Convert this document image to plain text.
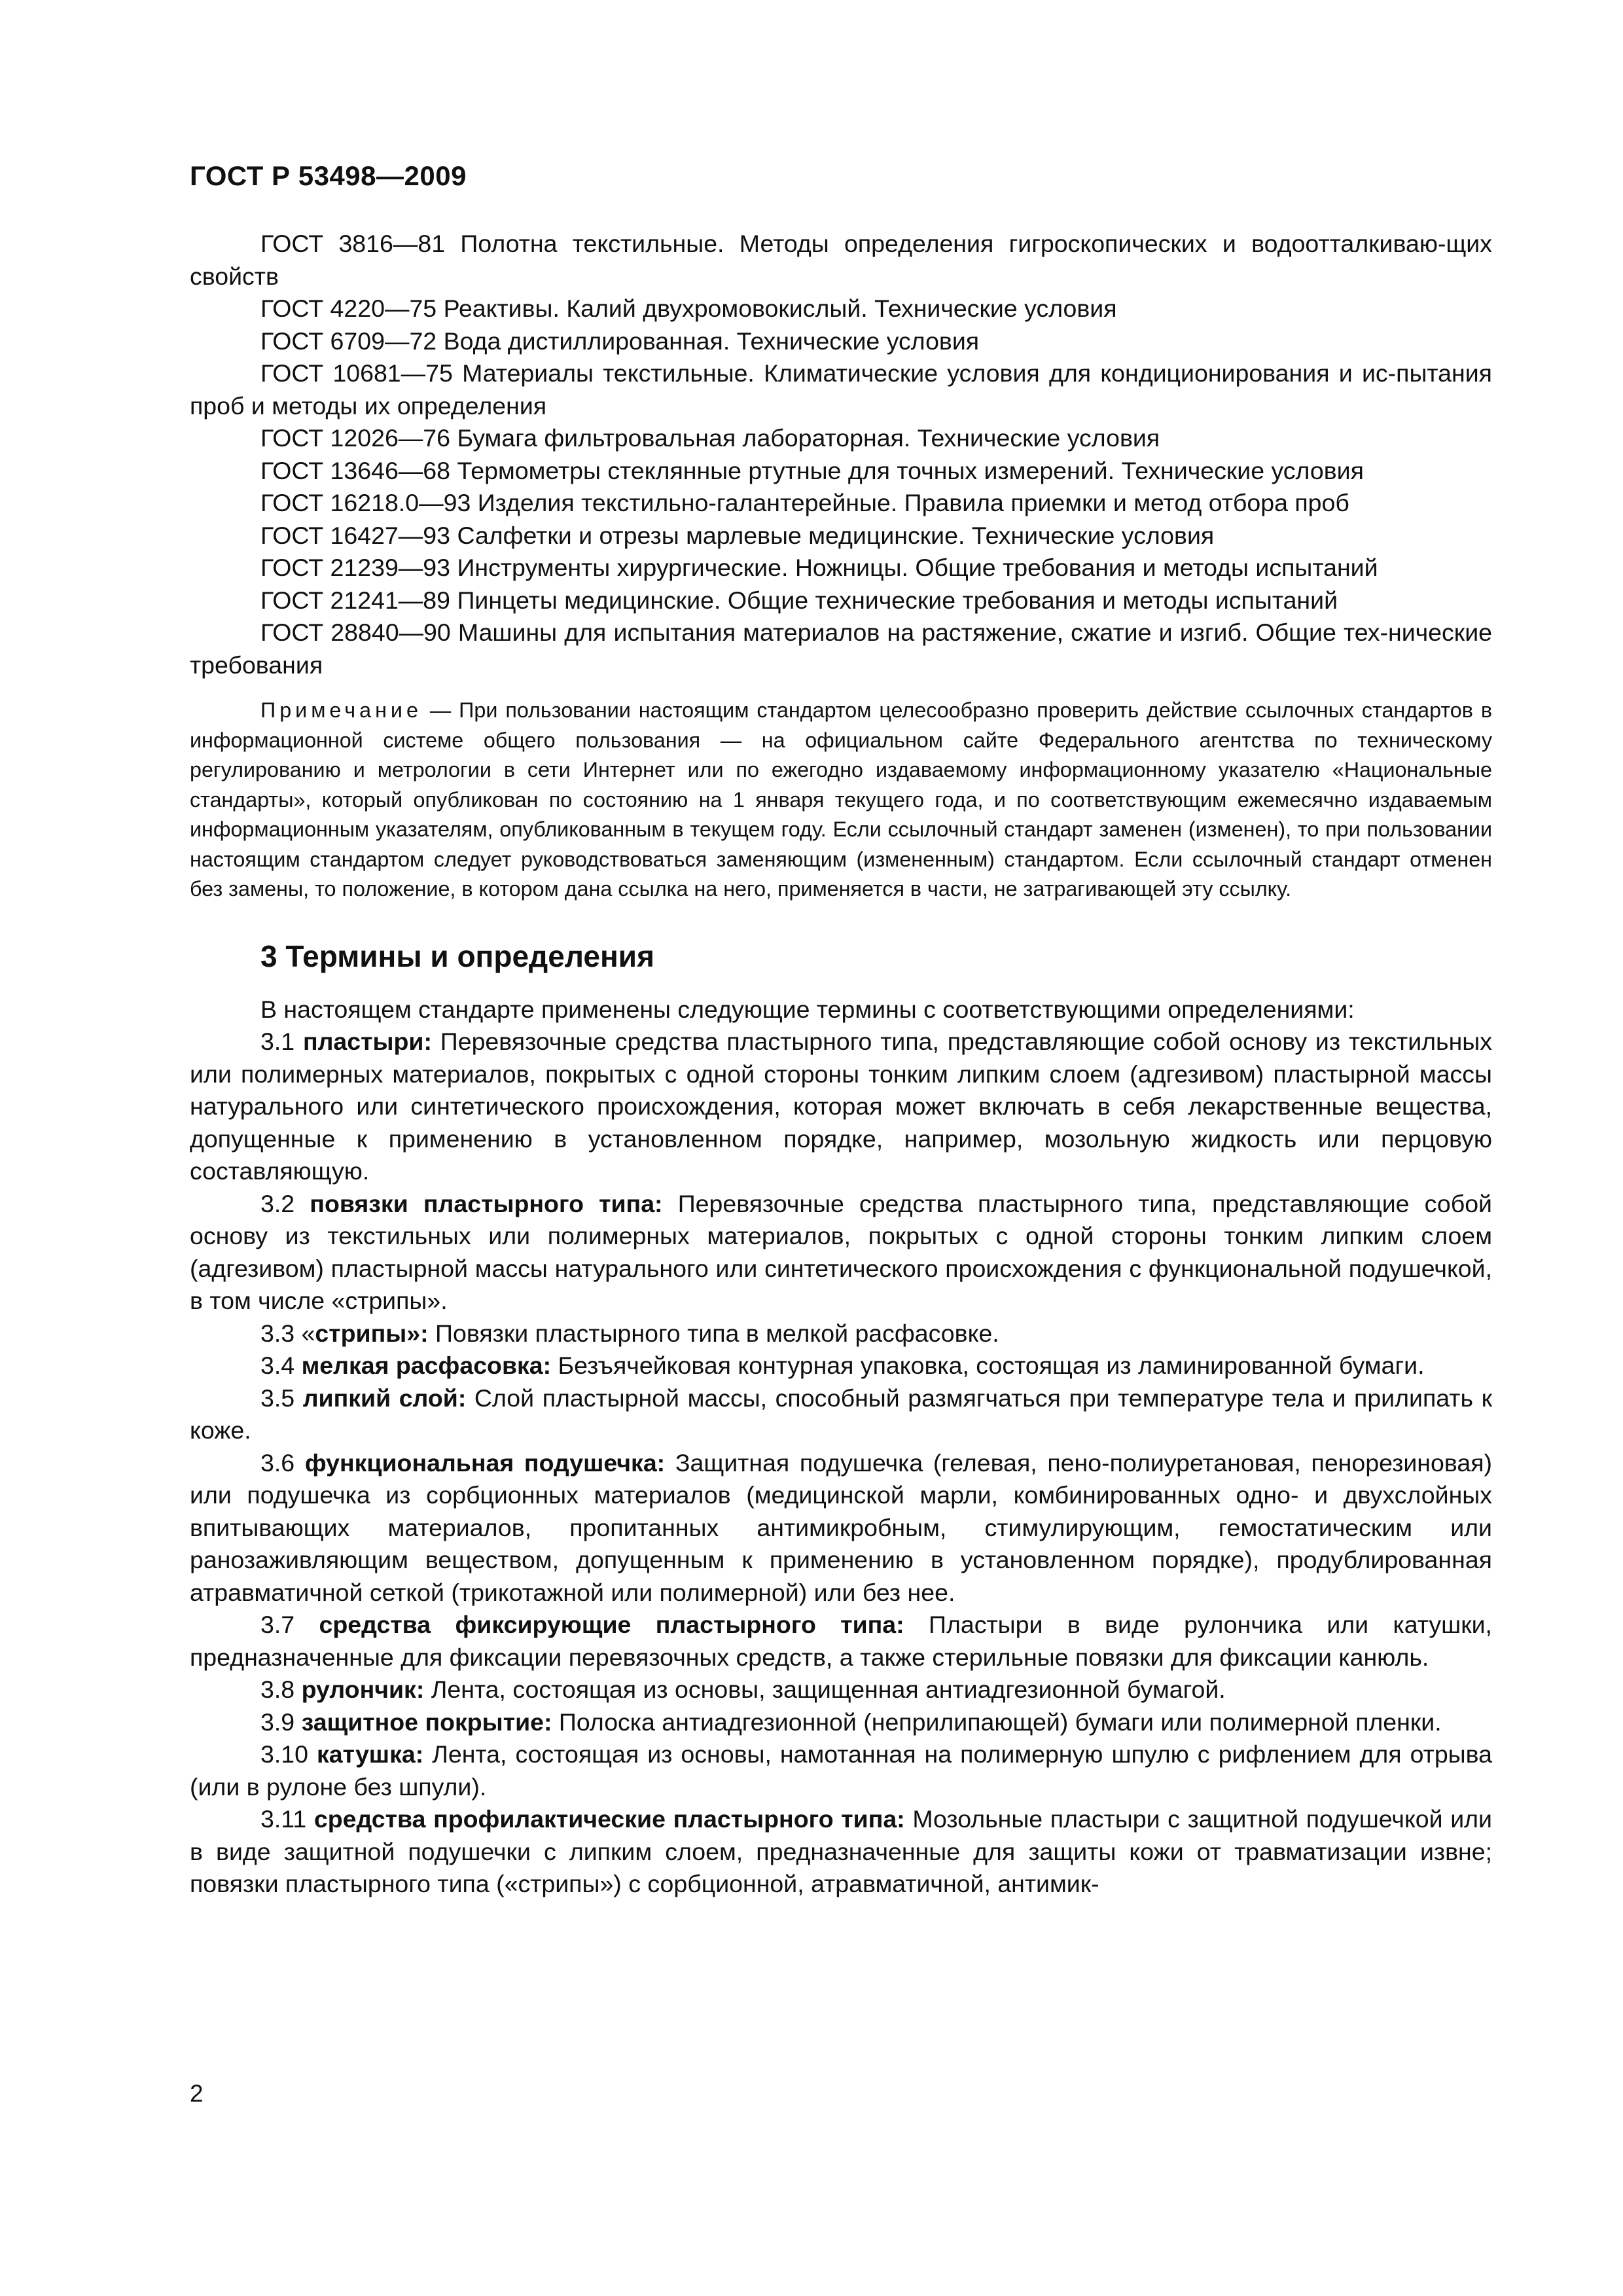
ГОСТ Р 53498—2009

ГОСТ 3816—81 Полотна текстильные. Методы определения гигроскопических и водоотталкиваю-щих свойств

ГОСТ 4220—75 Реактивы. Калий двухромовокислый. Технические условия

ГОСТ 6709—72 Вода дистиллированная. Технические условия

ГОСТ 10681—75 Материалы текстильные. Климатические условия для кондиционирования и ис-пытания проб и методы их определения

ГОСТ 12026—76 Бумага фильтровальная лабораторная. Технические условия

ГОСТ 13646—68 Термометры стеклянные ртутные для точных измерений. Технические условия

ГОСТ 16218.0—93 Изделия текстильно-галантерейные. Правила приемки и метод отбора проб

ГОСТ 16427—93 Салфетки и отрезы марлевые медицинские. Технические условия

ГОСТ 21239—93 Инструменты хирургические. Ножницы. Общие требования и методы испытаний

ГОСТ 21241—89 Пинцеты медицинские. Общие технические требования и методы испытаний

ГОСТ 28840—90 Машины для испытания материалов на растяжение, сжатие и изгиб. Общие тех-нические требования

Примечание — При пользовании настоящим стандартом целесообразно проверить действие ссылочных стандартов в информационной системе общего пользования — на официальном сайте Федерального агентства по техническому регулированию и метрологии в сети Интернет или по ежегодно издаваемому информационному указателю «Национальные стандарты», который опубликован по состоянию на 1 января текущего года, и по соответствующим ежемесячно издаваемым информационным указателям, опубликованным в текущем году. Если ссылочный стандарт заменен (изменен), то при пользовании настоящим стандартом следует руководствоваться заменяющим (измененным) стандартом. Если ссылочный стандарт отменен без замены, то положение, в котором дана ссылка на него, применяется в части, не затрагивающей эту ссылку.

3 Термины и определения

В настоящем стандарте применены следующие термины с соответствующими определениями:

3.1 пластыри: Перевязочные средства пластырного типа, представляющие собой основу из текстильных или полимерных материалов, покрытых с одной стороны тонким липким слоем (адгезивом) пластырной массы натурального или синтетического происхождения, которая может включать в себя лекарственные вещества, допущенные к применению в установленном порядке, например, мозольную жидкость или перцовую составляющую.

3.2 повязки пластырного типа: Перевязочные средства пластырного типа, представляющие собой основу из текстильных или полимерных материалов, покрытых с одной стороны тонким липким слоем (адгезивом) пластырной массы натурального или синтетического происхождения с функциональной подушечкой, в том числе «стрипы».

3.3 «стрипы»: Повязки пластырного типа в мелкой расфасовке.

3.4 мелкая расфасовка: Безъячейковая контурная упаковка, состоящая из ламинированной бумаги.

3.5 липкий слой: Слой пластырной массы, способный размягчаться при температуре тела и прилипать к коже.

3.6 функциональная подушечка: Защитная подушечка (гелевая, пено-полиуретановая, пенорезиновая) или подушечка из сорбционных материалов (медицинской марли, комбинированных одно- и двухслойных впитывающих материалов, пропитанных антимикробным, стимулирующим, гемостатическим или ранозаживляющим веществом, допущенным к применению в установленном порядке), продублированная атравматичной сеткой (трикотажной или полимерной) или без нее.

3.7 средства фиксирующие пластырного типа: Пластыри в виде рулончика или катушки, предназначенные для фиксации перевязочных средств, а также стерильные повязки для фиксации канюль.

3.8 рулончик: Лента, состоящая из основы, защищенная антиадгезионной бумагой.

3.9 защитное покрытие: Полоска антиадгезионной (неприлипающей) бумаги или полимерной пленки.

3.10 катушка: Лента, состоящая из основы, намотанная на полимерную шпулю с рифлением для отрыва (или в рулоне без шпули).

3.11 средства профилактические пластырного типа: Мозольные пластыри с защитной подушечкой или в виде защитной подушечки с липким слоем, предназначенные для защиты кожи от травматизации извне; повязки пластырного типа («стрипы») с сорбционной, атравматичной, антимик-

2
